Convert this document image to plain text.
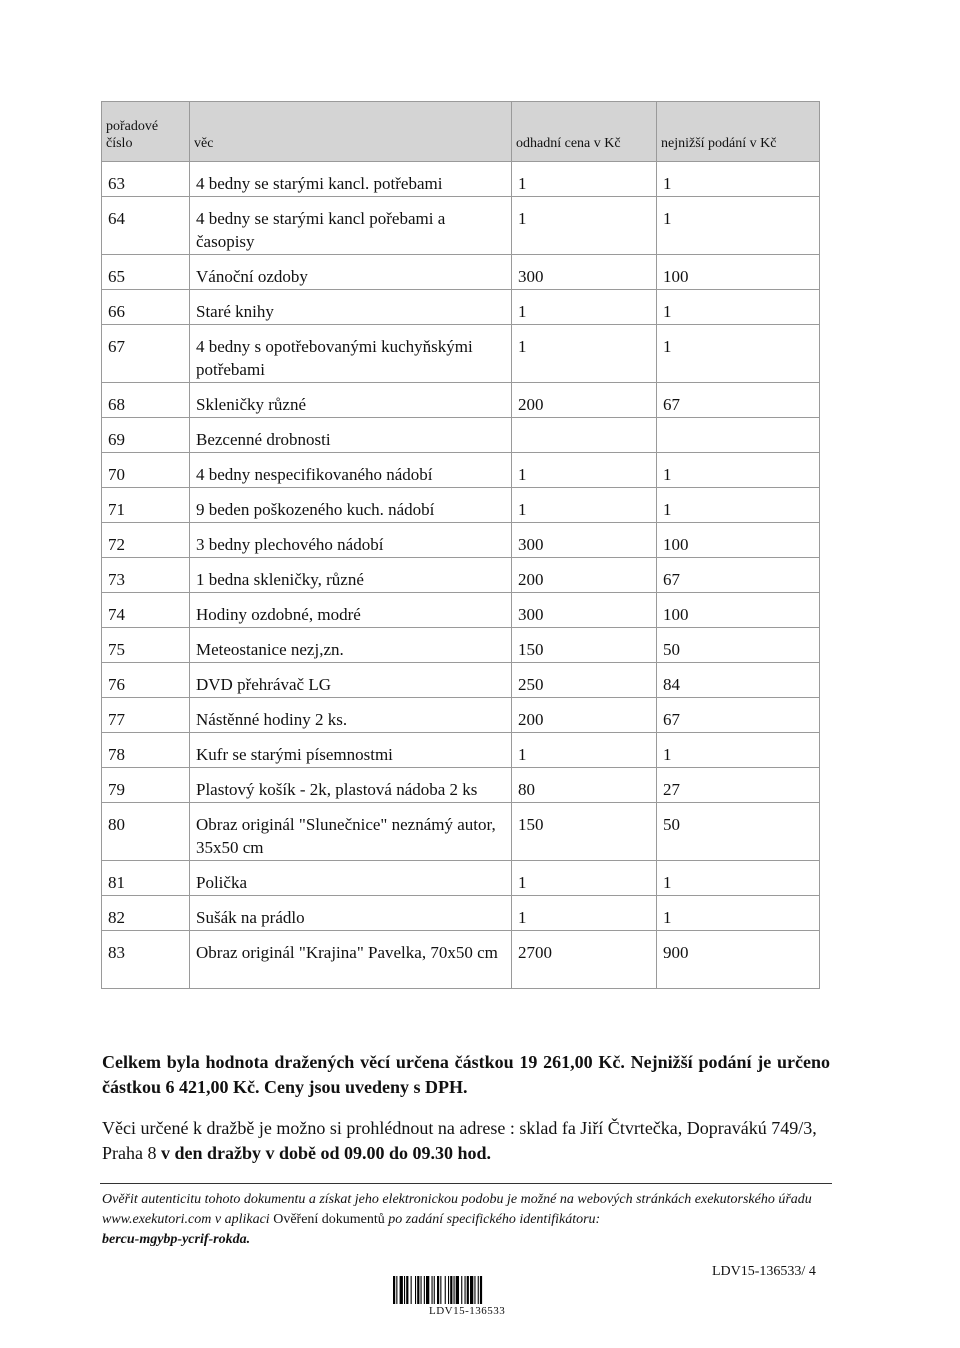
pořadové číslo	věc	odhadní cena v Kč	nejnižší podání v Kč
63	4 bedny se starými kancl. potřebami	1	1
64	4 bedny se starými kancl pořebami a časopisy	1	1
65	Vánoční ozdoby	300	100
66	Staré knihy	1	1
67	4 bedny s opotřebovanými kuchyňskými potřebami	1	1
68	Skleničky různé	200	67
69	Bezcenné drobnosti		
70	4 bedny nespecifikovaného nádobí	1	1
71	9 beden poškozeného kuch. nádobí	1	1
72	3 bedny plechového nádobí	300	100
73	1 bedna skleničky, různé	200	67
74	Hodiny ozdobné, modré	300	100
75	Meteostanice nezj,zn.	150	50
76	DVD přehrávač LG	250	84
77	Nástěnné hodiny 2 ks.	200	67
78	Kufr se starými písemnostmi	1	1
79	Plastový košík - 2k, plastová nádoba 2 ks	80	27
80	Obraz originál "Slunečnice" neznámý autor, 35x50 cm	150	50
81	Polička	1	1
82	Sušák na prádlo	1	1
83	Obraz originál "Krajina" Pavelka, 70x50 cm	2700	900
Celkem byla hodnota dražených věcí určena částkou 19 261,00 Kč. Nejnižší podání je určeno částkou 6 421,00 Kč. Ceny jsou uvedeny s DPH.
Věci určené k dražbě je možno si prohlédnout na adrese : sklad fa Jiří Čtvrtečka, Dopravákú 749/3, Praha 8 v den dražby v době od 09.00 do 09.30 hod.
Ověřit autenticitu tohoto dokumentu a získat jeho elektronickou podobu je možné na webových stránkách exekutorského úřadu www.exekutori.com v aplikaci Ověření dokumentů po zadání specifického identifikátoru:
bercu-mgybp-ycrif-rokda.
LDV15-136533/ 4
LDV15-136533
